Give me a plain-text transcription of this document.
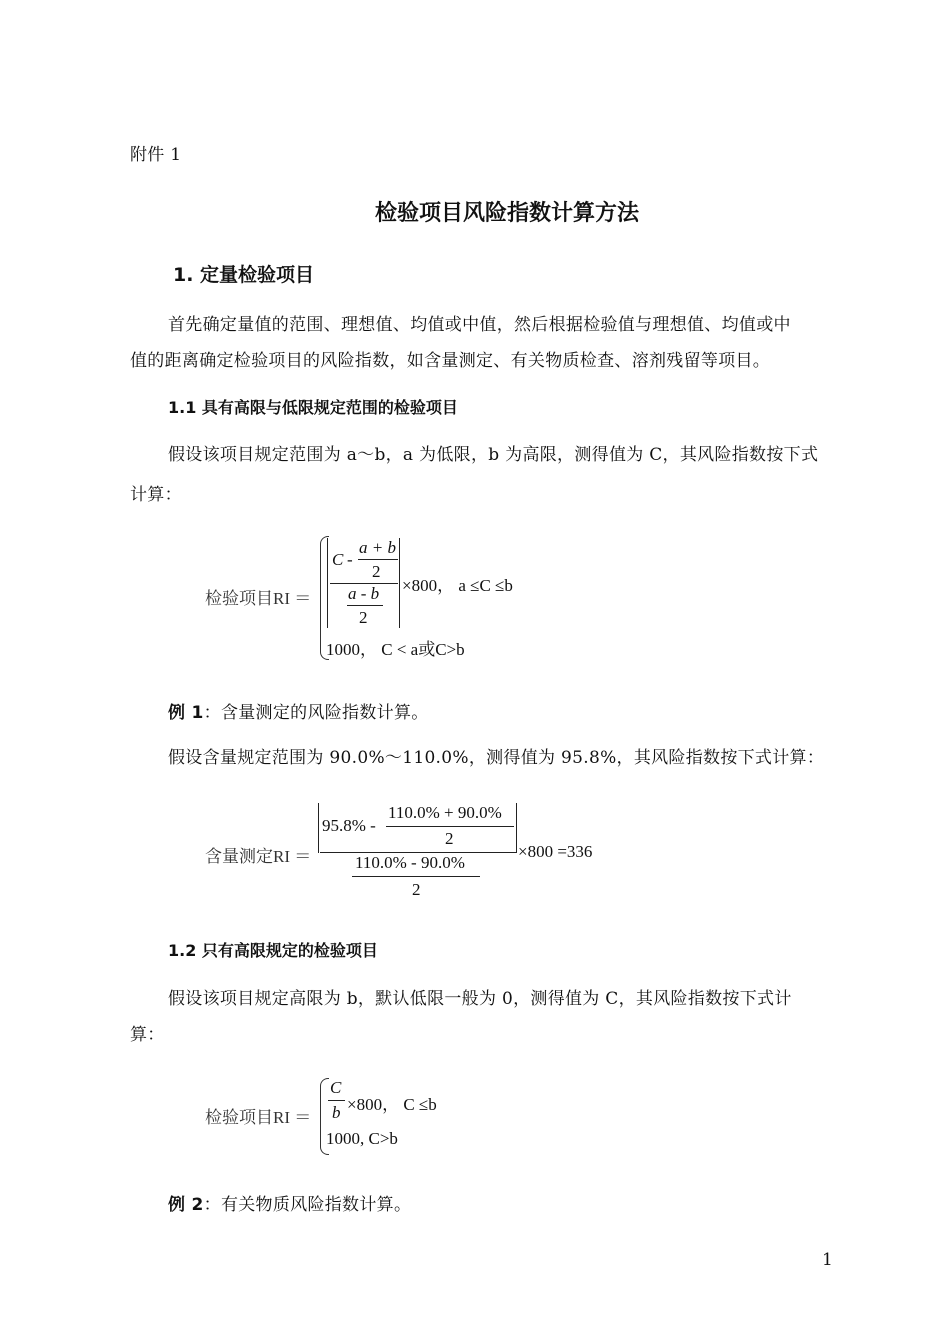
附件 1
检验项目风险指数计算方法
1. 定量检验项目
首先确定量值的范围、理想值、均值或中值，然后根据检验值与理想值、均值或中
值的距离确定检验项目的风险指数，如含量测定、有关物质检查、溶剂残留等项目。
1.1 具有高限与低限规定范围的检验项目
假设该项目规定范围为 a～b，a 为低限，b 为高限，测得值为 C，其风险指数按下式
计算：
检验项目RI ＝
C -
a + b
2
a - b
2
×800， a ≤C ≤b
1000， C < a或C>b
例 1：含量测定的风险指数计算。
假设含量规定范围为 90.0%～110.0%，测得值为 95.8%，其风险指数按下式计算：
含量测定RI ＝
95.8% -
110.0% + 90.0%
2
110.0% - 90.0%
2
×800 =336
1.2 只有高限规定的检验项目
假设该项目规定高限为 b，默认低限一般为 0，测得值为 C，其风险指数按下式计
算：
检验项目RI ＝
C
b ×800， C ≤b
1000, C>b
例 2：有关物质风险指数计算。
1
